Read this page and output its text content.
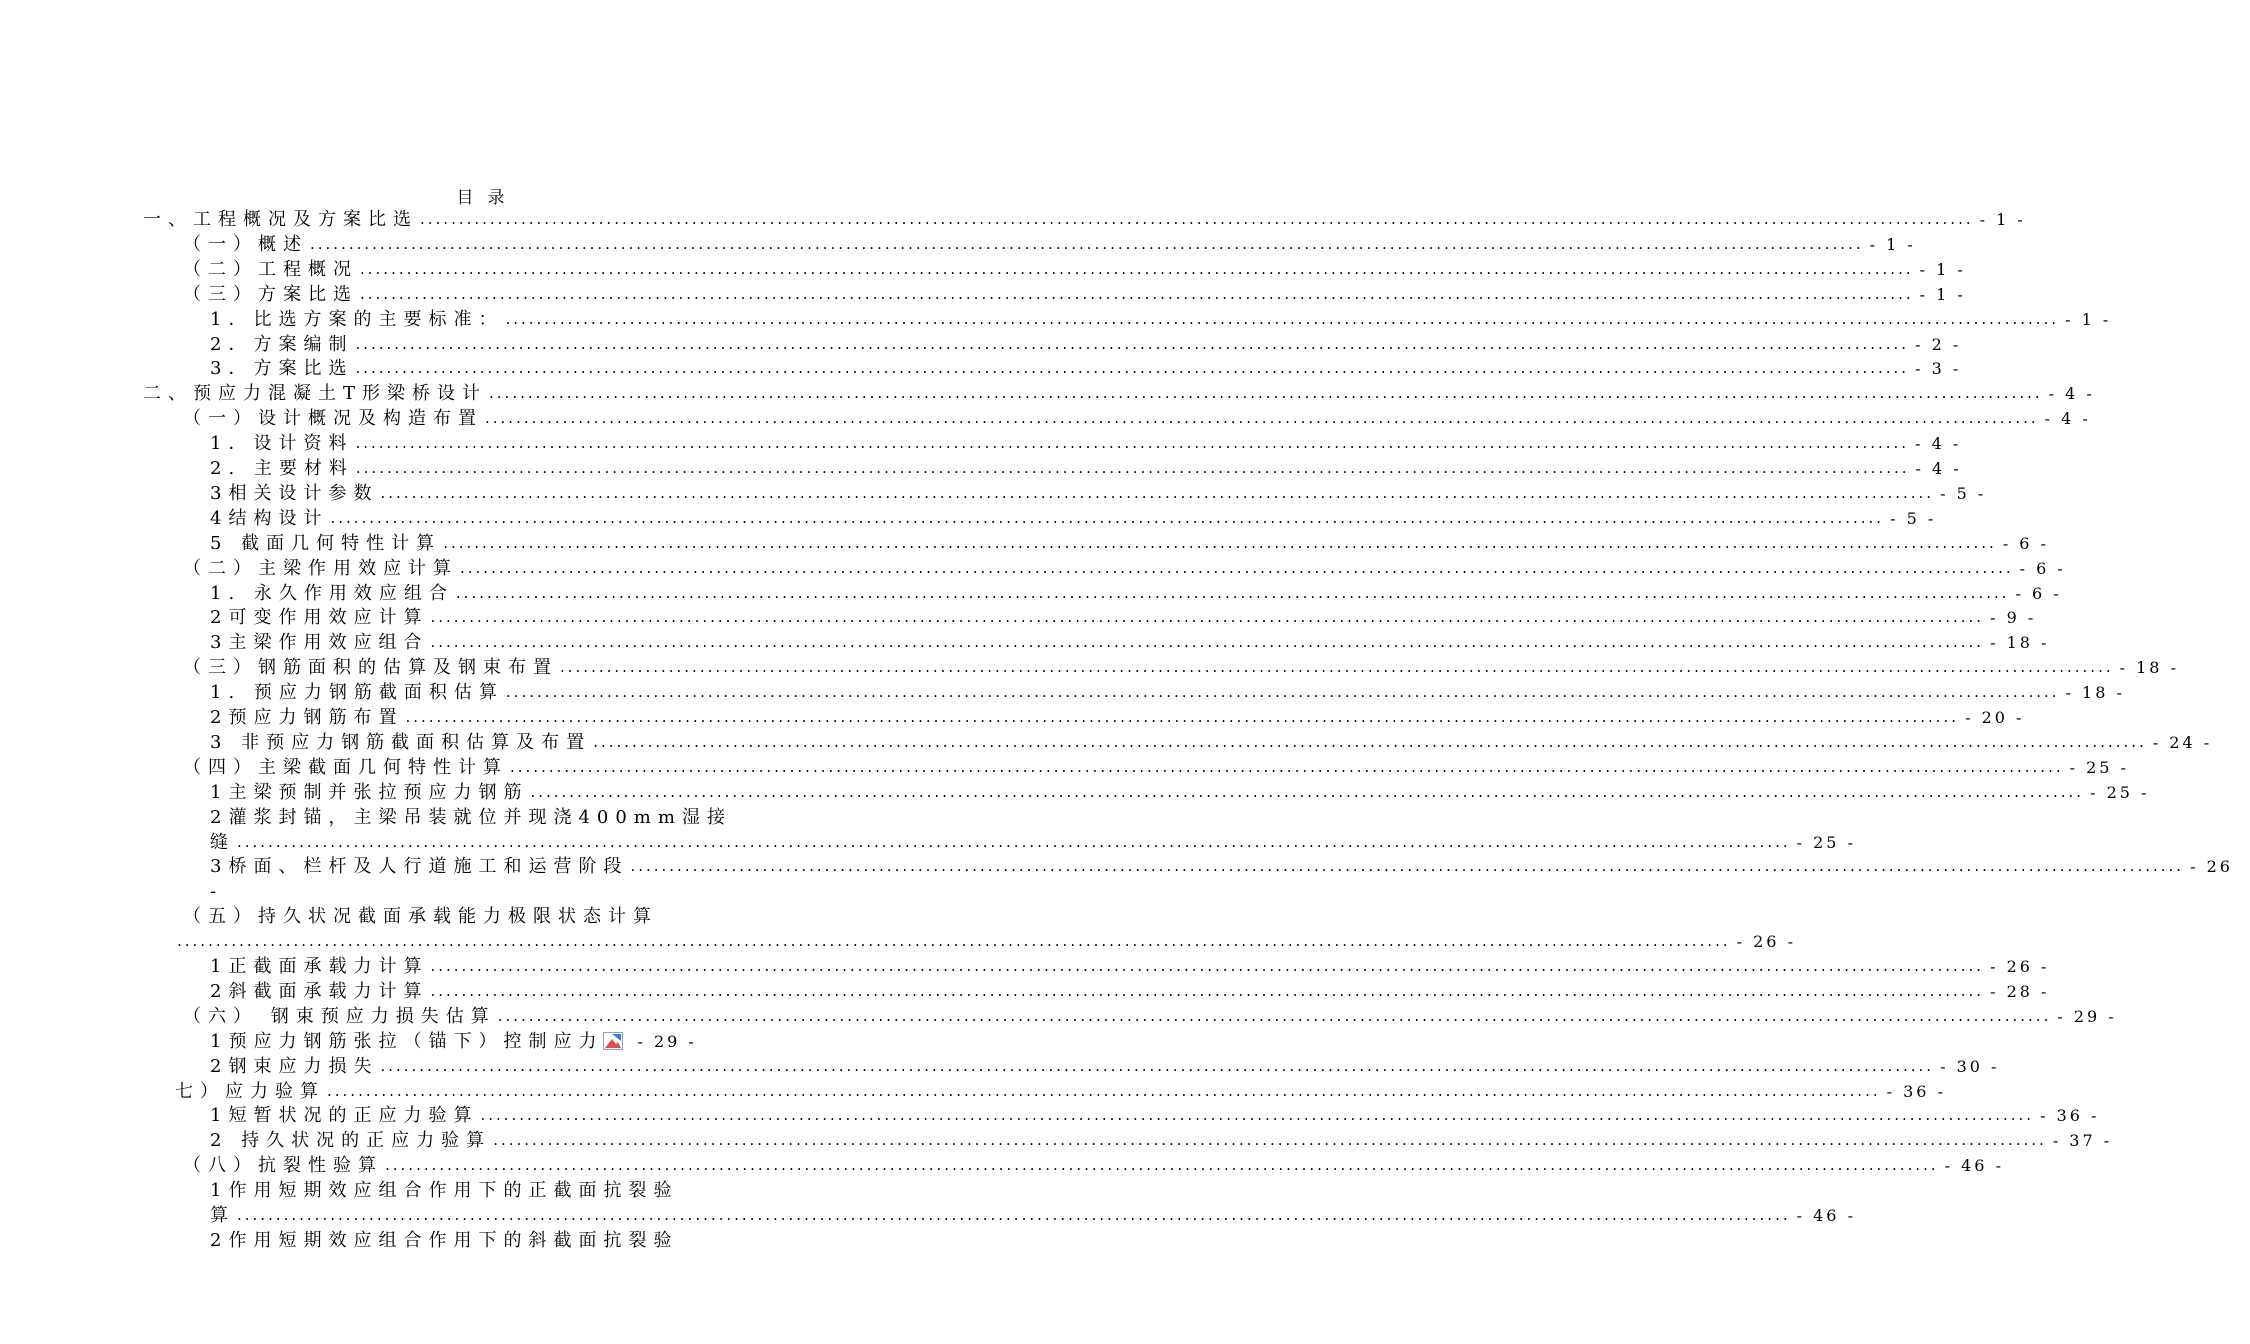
目录
一、工程概况及方案比选 ........................................................................................................................................................................................................ - 1 -
（一）概述 ........................................................................................................................................................................................................ - 1 -
（二）工程概况 ........................................................................................................................................................................................................ - 1 -
（三）方案比选 ........................................................................................................................................................................................................ - 1 -
1．比选方案的主要标准： ........................................................................................................................................................................................................ - 1 -
2．方案编制 ........................................................................................................................................................................................................ - 2 -
3．方案比选 ........................................................................................................................................................................................................ - 3 -
二、预应力混凝土T形梁桥设计 ........................................................................................................................................................................................................ - 4 -
（一）设计概况及构造布置 ........................................................................................................................................................................................................ - 4 -
1．设计资料 ........................................................................................................................................................................................................ - 4 -
2. 主要材料 ........................................................................................................................................................................................................ - 4 -
3相关设计参数 ........................................................................................................................................................................................................ - 5 -
4结构设计 ........................................................................................................................................................................................................ - 5 -
5 截面几何特性计算 ........................................................................................................................................................................................................ - 6 -
（二）主梁作用效应计算 ........................................................................................................................................................................................................ - 6 -
1. 永久作用效应组合 ........................................................................................................................................................................................................ - 6 -
2可变作用效应计算 ........................................................................................................................................................................................................ - 9 -
3主梁作用效应组合 ........................................................................................................................................................................................................ - 18 -
（三）钢筋面积的估算及钢束布置 ........................................................................................................................................................................................................ - 18 -
1. 预应力钢筋截面积估算 ........................................................................................................................................................................................................ - 18 -
2预应力钢筋布置 ........................................................................................................................................................................................................ - 20 -
3 非预应力钢筋截面积估算及布置 ........................................................................................................................................................................................................ - 24 -
（四）主梁截面几何特性计算 ........................................................................................................................................................................................................ - 25 -
1主梁预制并张拉预应力钢筋 ........................................................................................................................................................................................................ - 25 -
2灌浆封锚，主梁吊装就位并现浇400mm湿接
缝 ........................................................................................................................................................................................................ - 25 -
3桥面、栏杆及人行道施工和运营阶段 ........................................................................................................................................................................................................ - 26
-
（五）持久状况截面承载能力极限状态计算
........................................................................................................................................................................................................ - 26 -
1正截面承载力计算 ........................................................................................................................................................................................................ - 26 -
2斜截面承载力计算 ........................................................................................................................................................................................................ - 28 -
（六） 钢束预应力损失估算 ........................................................................................................................................................................................................ - 29 -
1预应力钢筋张拉（锚下）控制应力 - 29 -
2钢束应力损失 ........................................................................................................................................................................................................ - 30 -
七）应力验算 ........................................................................................................................................................................................................ - 36 -
1短暂状况的正应力验算 ........................................................................................................................................................................................................ - 36 -
2 持久状况的正应力验算 ........................................................................................................................................................................................................ - 37 -
（八）抗裂性验算 ........................................................................................................................................................................................................ - 46 -
1作用短期效应组合作用下的正截面抗裂验
算 ........................................................................................................................................................................................................ - 46 -
2作用短期效应组合作用下的斜截面抗裂验
